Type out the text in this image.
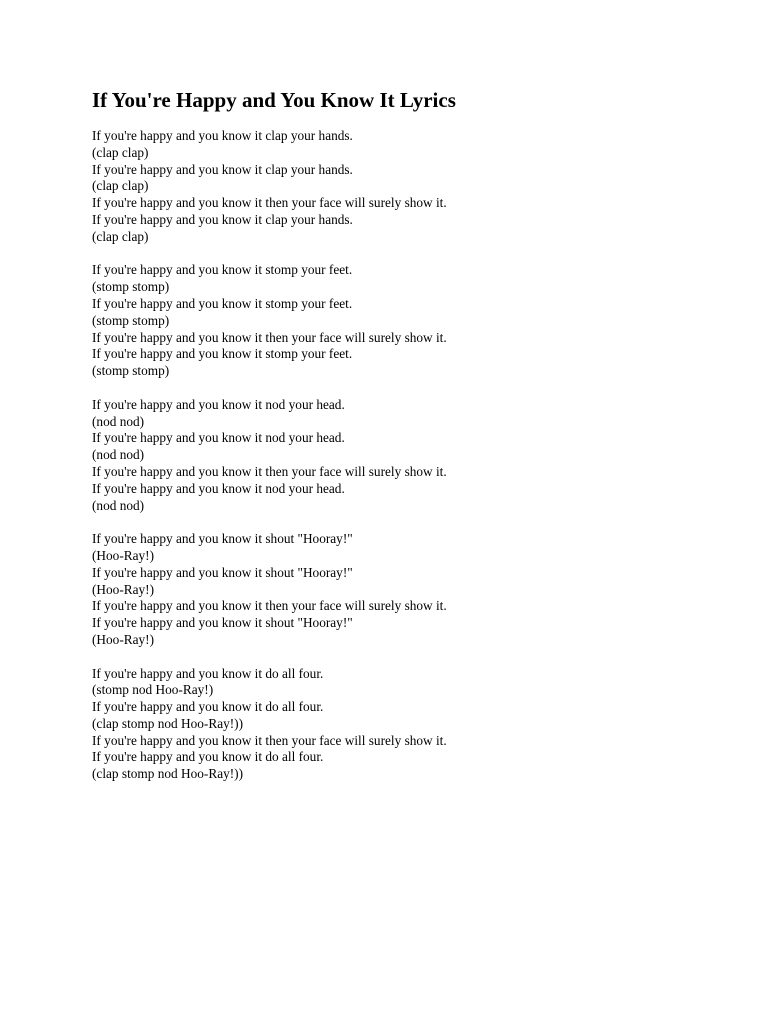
If You're Happy and You Know It Lyrics
If you're happy and you know it clap your hands.
(clap clap)
If you're happy and you know it clap your hands.
(clap clap)
If you're happy and you know it then your face will surely show it.
If you're happy and you know it clap your hands.
(clap clap)
If you're happy and you know it stomp your feet.
(stomp stomp)
If you're happy and you know it stomp your feet.
(stomp stomp)
If you're happy and you know it then your face will surely show it.
If you're happy and you know it stomp your feet.
(stomp stomp)
If you're happy and you know it nod your head.
(nod nod)
If you're happy and you know it nod your head.
(nod nod)
If you're happy and you know it then your face will surely show it.
If you're happy and you know it nod your head.
(nod nod)
If you're happy and you know it shout "Hooray!"
(Hoo-Ray!)
If you're happy and you know it shout "Hooray!"
(Hoo-Ray!)
If you're happy and you know it then your face will surely show it.
If you're happy and you know it shout "Hooray!"
(Hoo-Ray!)
If you're happy and you know it do all four.
(stomp nod Hoo-Ray!)
If you're happy and you know it do all four.
(clap stomp nod Hoo-Ray!))
If you're happy and you know it then your face will surely show it.
If you're happy and you know it do all four.
(clap stomp nod Hoo-Ray!))
